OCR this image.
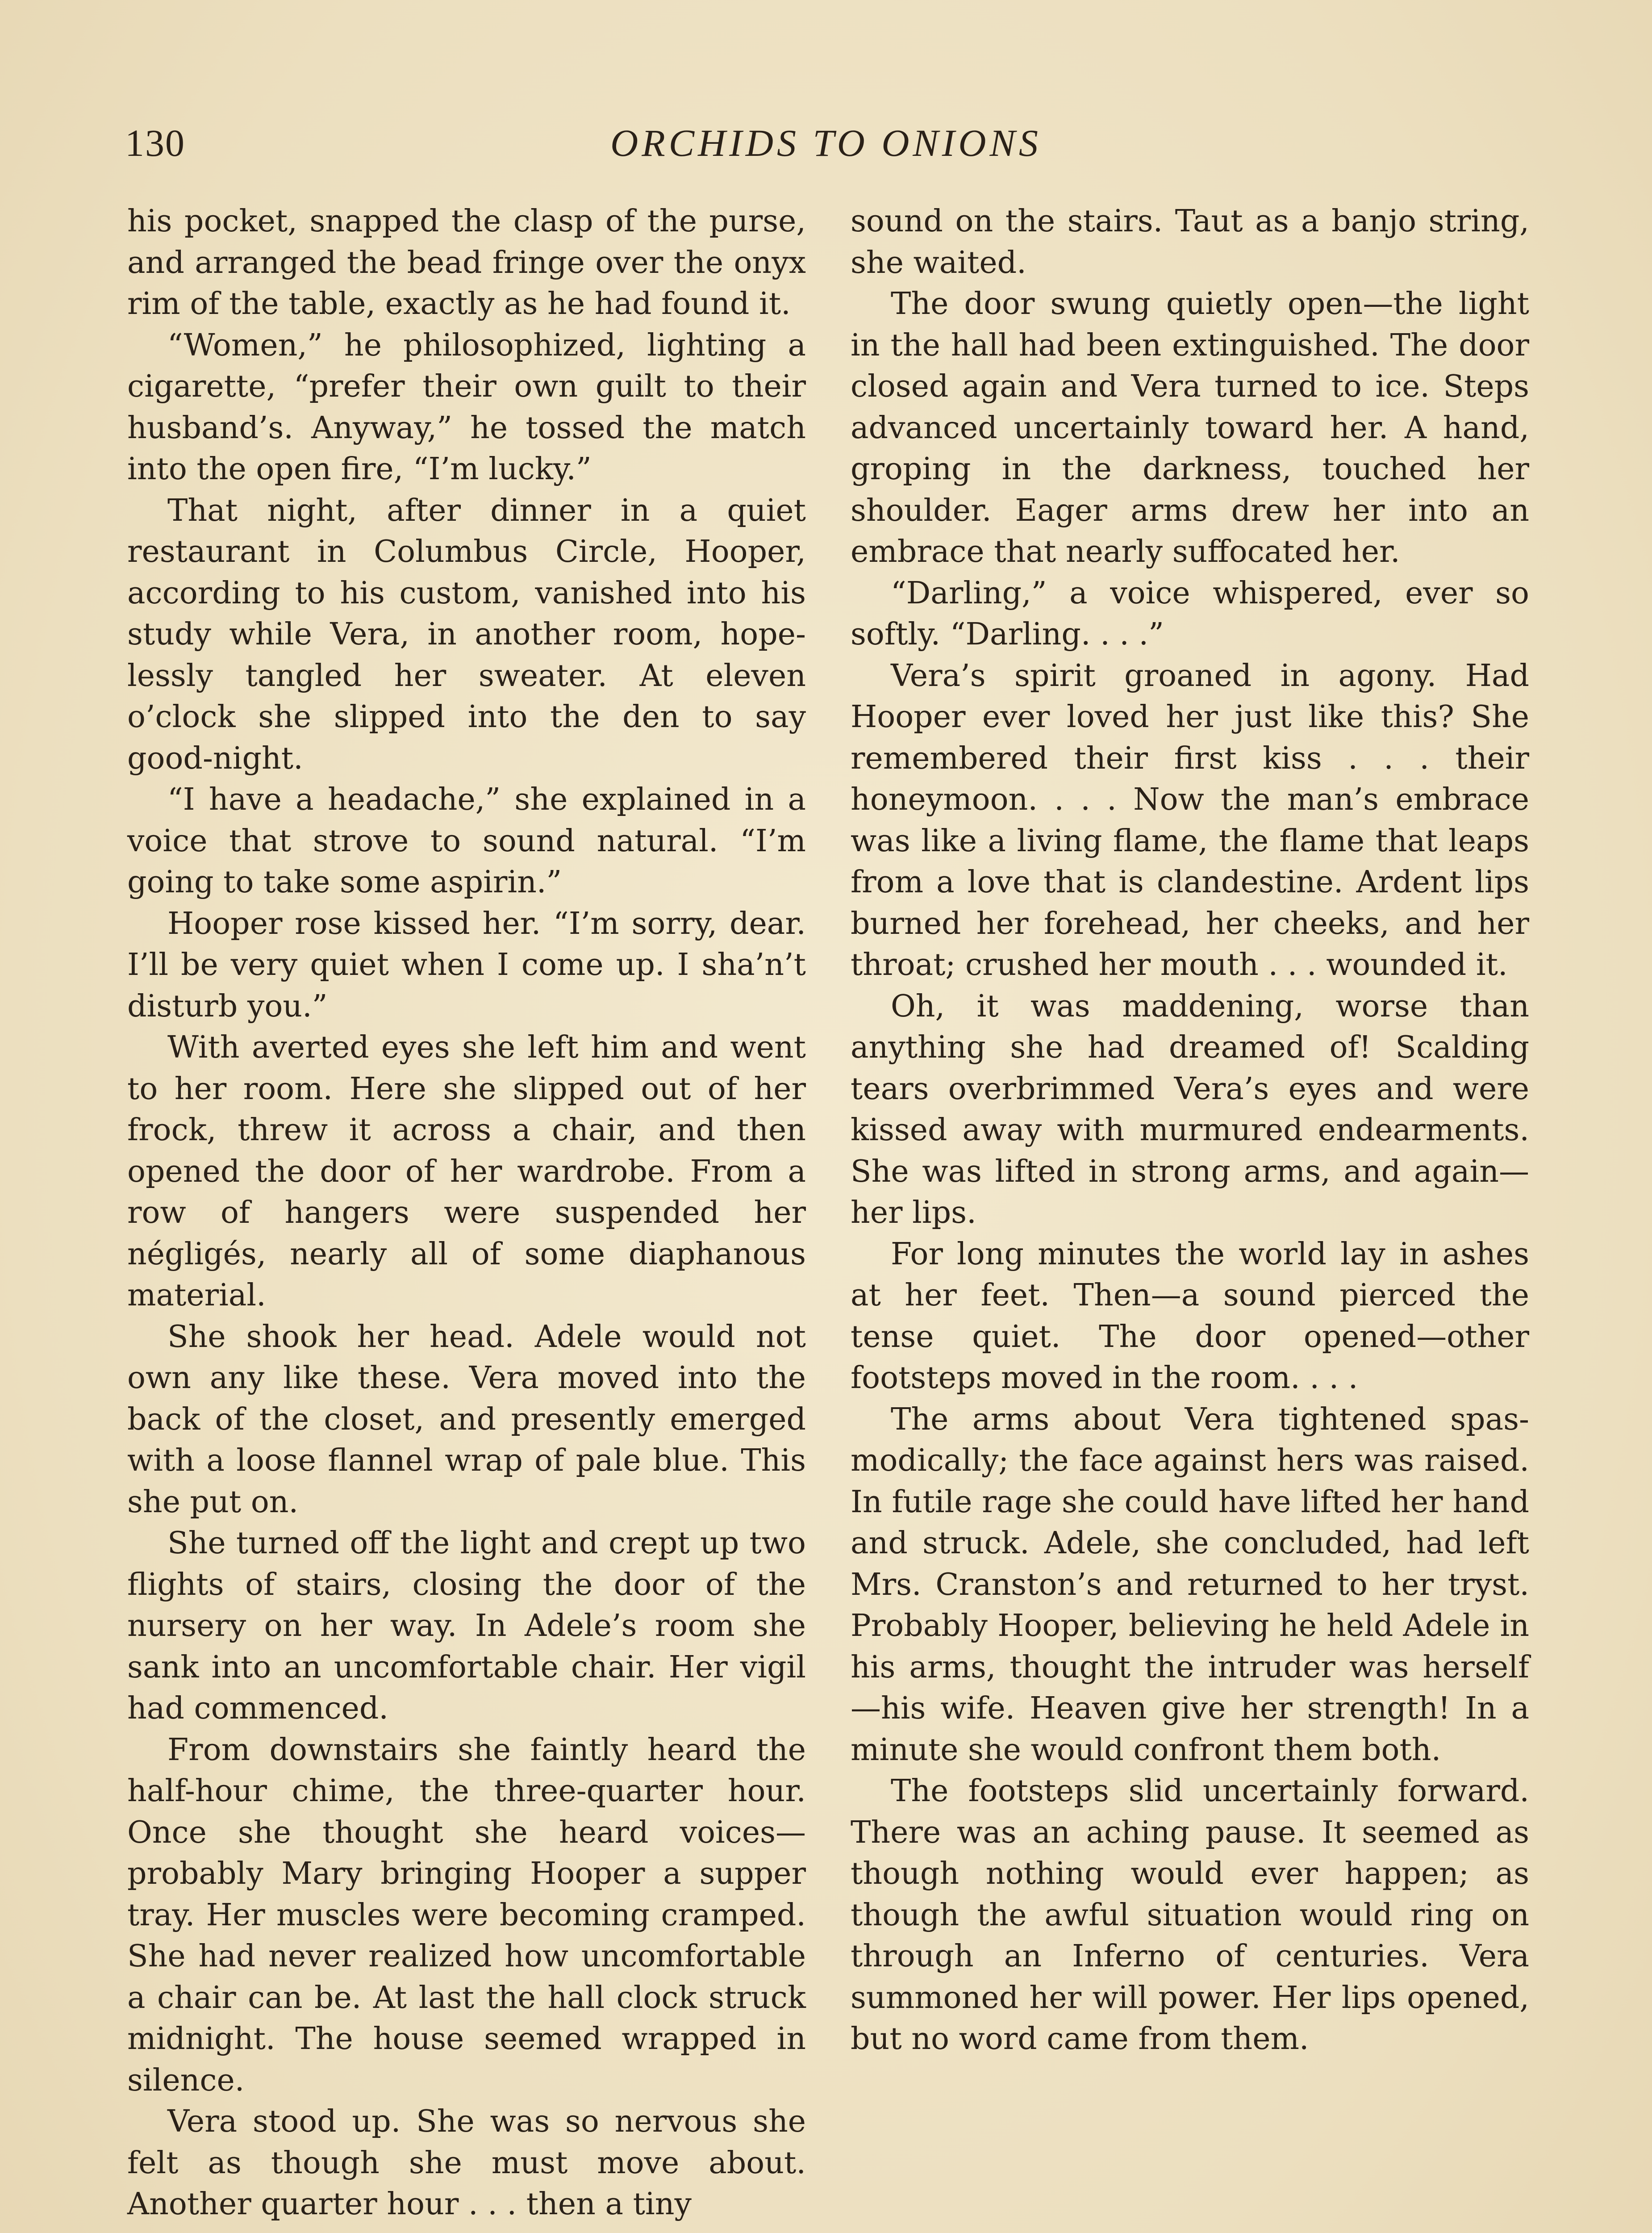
130	ORCHIDS TO ONIONS

his pocket, snapped the clasp of the purse, and arranged the bead fringe over the onyx rim of the table, exactly as he had found it.

“Women,” he philosophized, lighting a cigarette, “prefer their own guilt to their husband’s. Anyway,” he tossed the match into the open fire, “I’m lucky.”

That night, after dinner in a quiet restaurant in Columbus Circle, Hooper, according to his custom, vanished into his study while Vera, in another room, hopelessly tangled her sweater. At eleven o’clock she slipped into the den to say good-night.

“I have a headache,” she explained in a voice that strove to sound natural. “I’m going to take some aspirin.”

Hooper rose kissed her. “I’m sorry, dear. I’ll be very quiet when I come up. I sha’n’t disturb you.”

With averted eyes she left him and went to her room. Here she slipped out of her frock, threw it across a chair, and then opened the door of her wardrobe. From a row of hangers were suspended her négligés, nearly all of some diaphanous material.

She shook her head. Adele would not own any like these. Vera moved into the back of the closet, and presently emerged with a loose flannel wrap of pale blue. This she put on.

She turned off the light and crept up two flights of stairs, closing the door of the nursery on her way. In Adele’s room she sank into an uncomfortable chair. Her vigil had commenced.

From downstairs she faintly heard the half-hour chime, the three-quarter hour. Once she thought she heard voices—probably Mary bringing Hooper a supper tray. Her muscles were becoming cramped. She had never realized how uncomfortable a chair can be. At last the hall clock struck midnight. The house seemed wrapped in silence.

Vera stood up. She was so nervous she felt as though she must move about. Another quarter hour . . . then a tiny

sound on the stairs. Taut as a banjo string, she waited.

The door swung quietly open—the light in the hall had been extinguished. The door closed again and Vera turned to ice. Steps advanced uncertainly toward her. A hand, groping in the darkness, touched her shoulder. Eager arms drew her into an embrace that nearly suffocated her.

“Darling,” a voice whispered, ever so softly. “Darling. . . .”

Vera’s spirit groaned in agony. Had Hooper ever loved her just like this? She remembered their first kiss . . . their honeymoon. . . . Now the man’s embrace was like a living flame, the flame that leaps from a love that is clandestine. Ardent lips burned her forehead, her cheeks, and her throat; crushed her mouth . . . wounded it.

Oh, it was maddening, worse than anything she had dreamed of! Scalding tears overbrimmed Vera’s eyes and were kissed away with murmured endearments. She was lifted in strong arms, and again—her lips.

For long minutes the world lay in ashes at her feet. Then—a sound pierced the tense quiet. The door opened—other footsteps moved in the room. . . .

The arms about Vera tightened spasmodically; the face against hers was raised. In futile rage she could have lifted her hand and struck. Adele, she concluded, had left Mrs. Cranston’s and returned to her tryst. Probably Hooper, believing he held Adele in his arms, thought the intruder was herself—his wife. Heaven give her strength! In a minute she would confront them both.

The footsteps slid uncertainly forward. There was an aching pause. It seemed as though nothing would ever happen; as though the awful situation would ring on through an Inferno of centuries. Vera summoned her will power. Her lips opened, but no word came from them.
